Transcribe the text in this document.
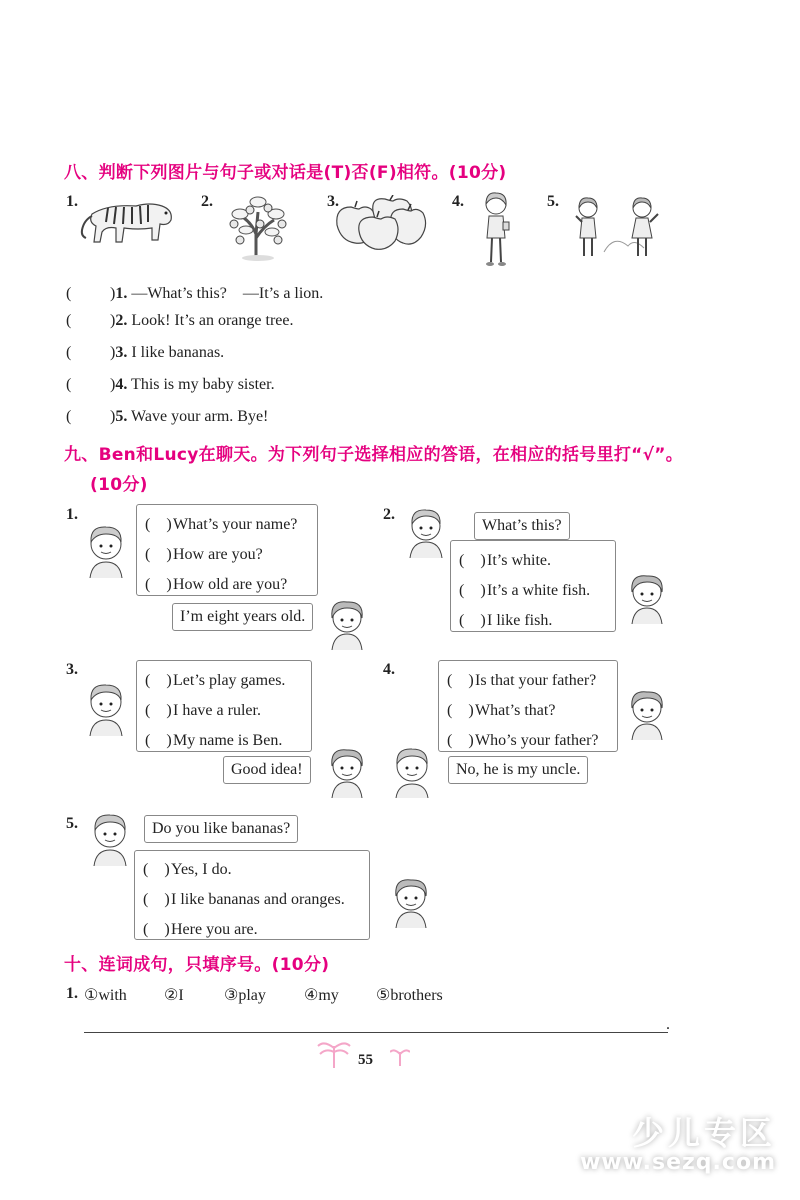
八、判断下列图片与句子或对话是(T)否(F)相符。(10分)
1.	2.	3.	4.	5.
( )1. —What’s this?　—It’s a lion.
( )2. Look! It’s an orange tree.
( )3. I like bananas.
( )4. This is my baby sister.
( )5. Wave your arm. Bye!
九、Ben和Lucy在聊天。为下列句子选择相应的答语，在相应的括号里打“√”。
(10分)
1.
(　)What’s your name?
(　)How are you?
(　)How old are you?
I’m eight years old.
2.
What’s this?
(　)It’s white.
(　)It’s a white fish.
(　)I like fish.
3.
(　)Let’s play games.
(　)I have a ruler.
(　)My name is Ben.
Good idea!
4.
(　)Is that your father?
(　)What’s that?
(　)Who’s your father?
No, he is my uncle.
5.	Do you like bananas?
(　)Yes, I do.
(　)I like bananas and oranges.
(　)Here you are.
十、连词成句，只填序号。(10分)
1. ①with ②I	③play ④my ⑤brothers
.
55
少儿专区
www.sezq.com
